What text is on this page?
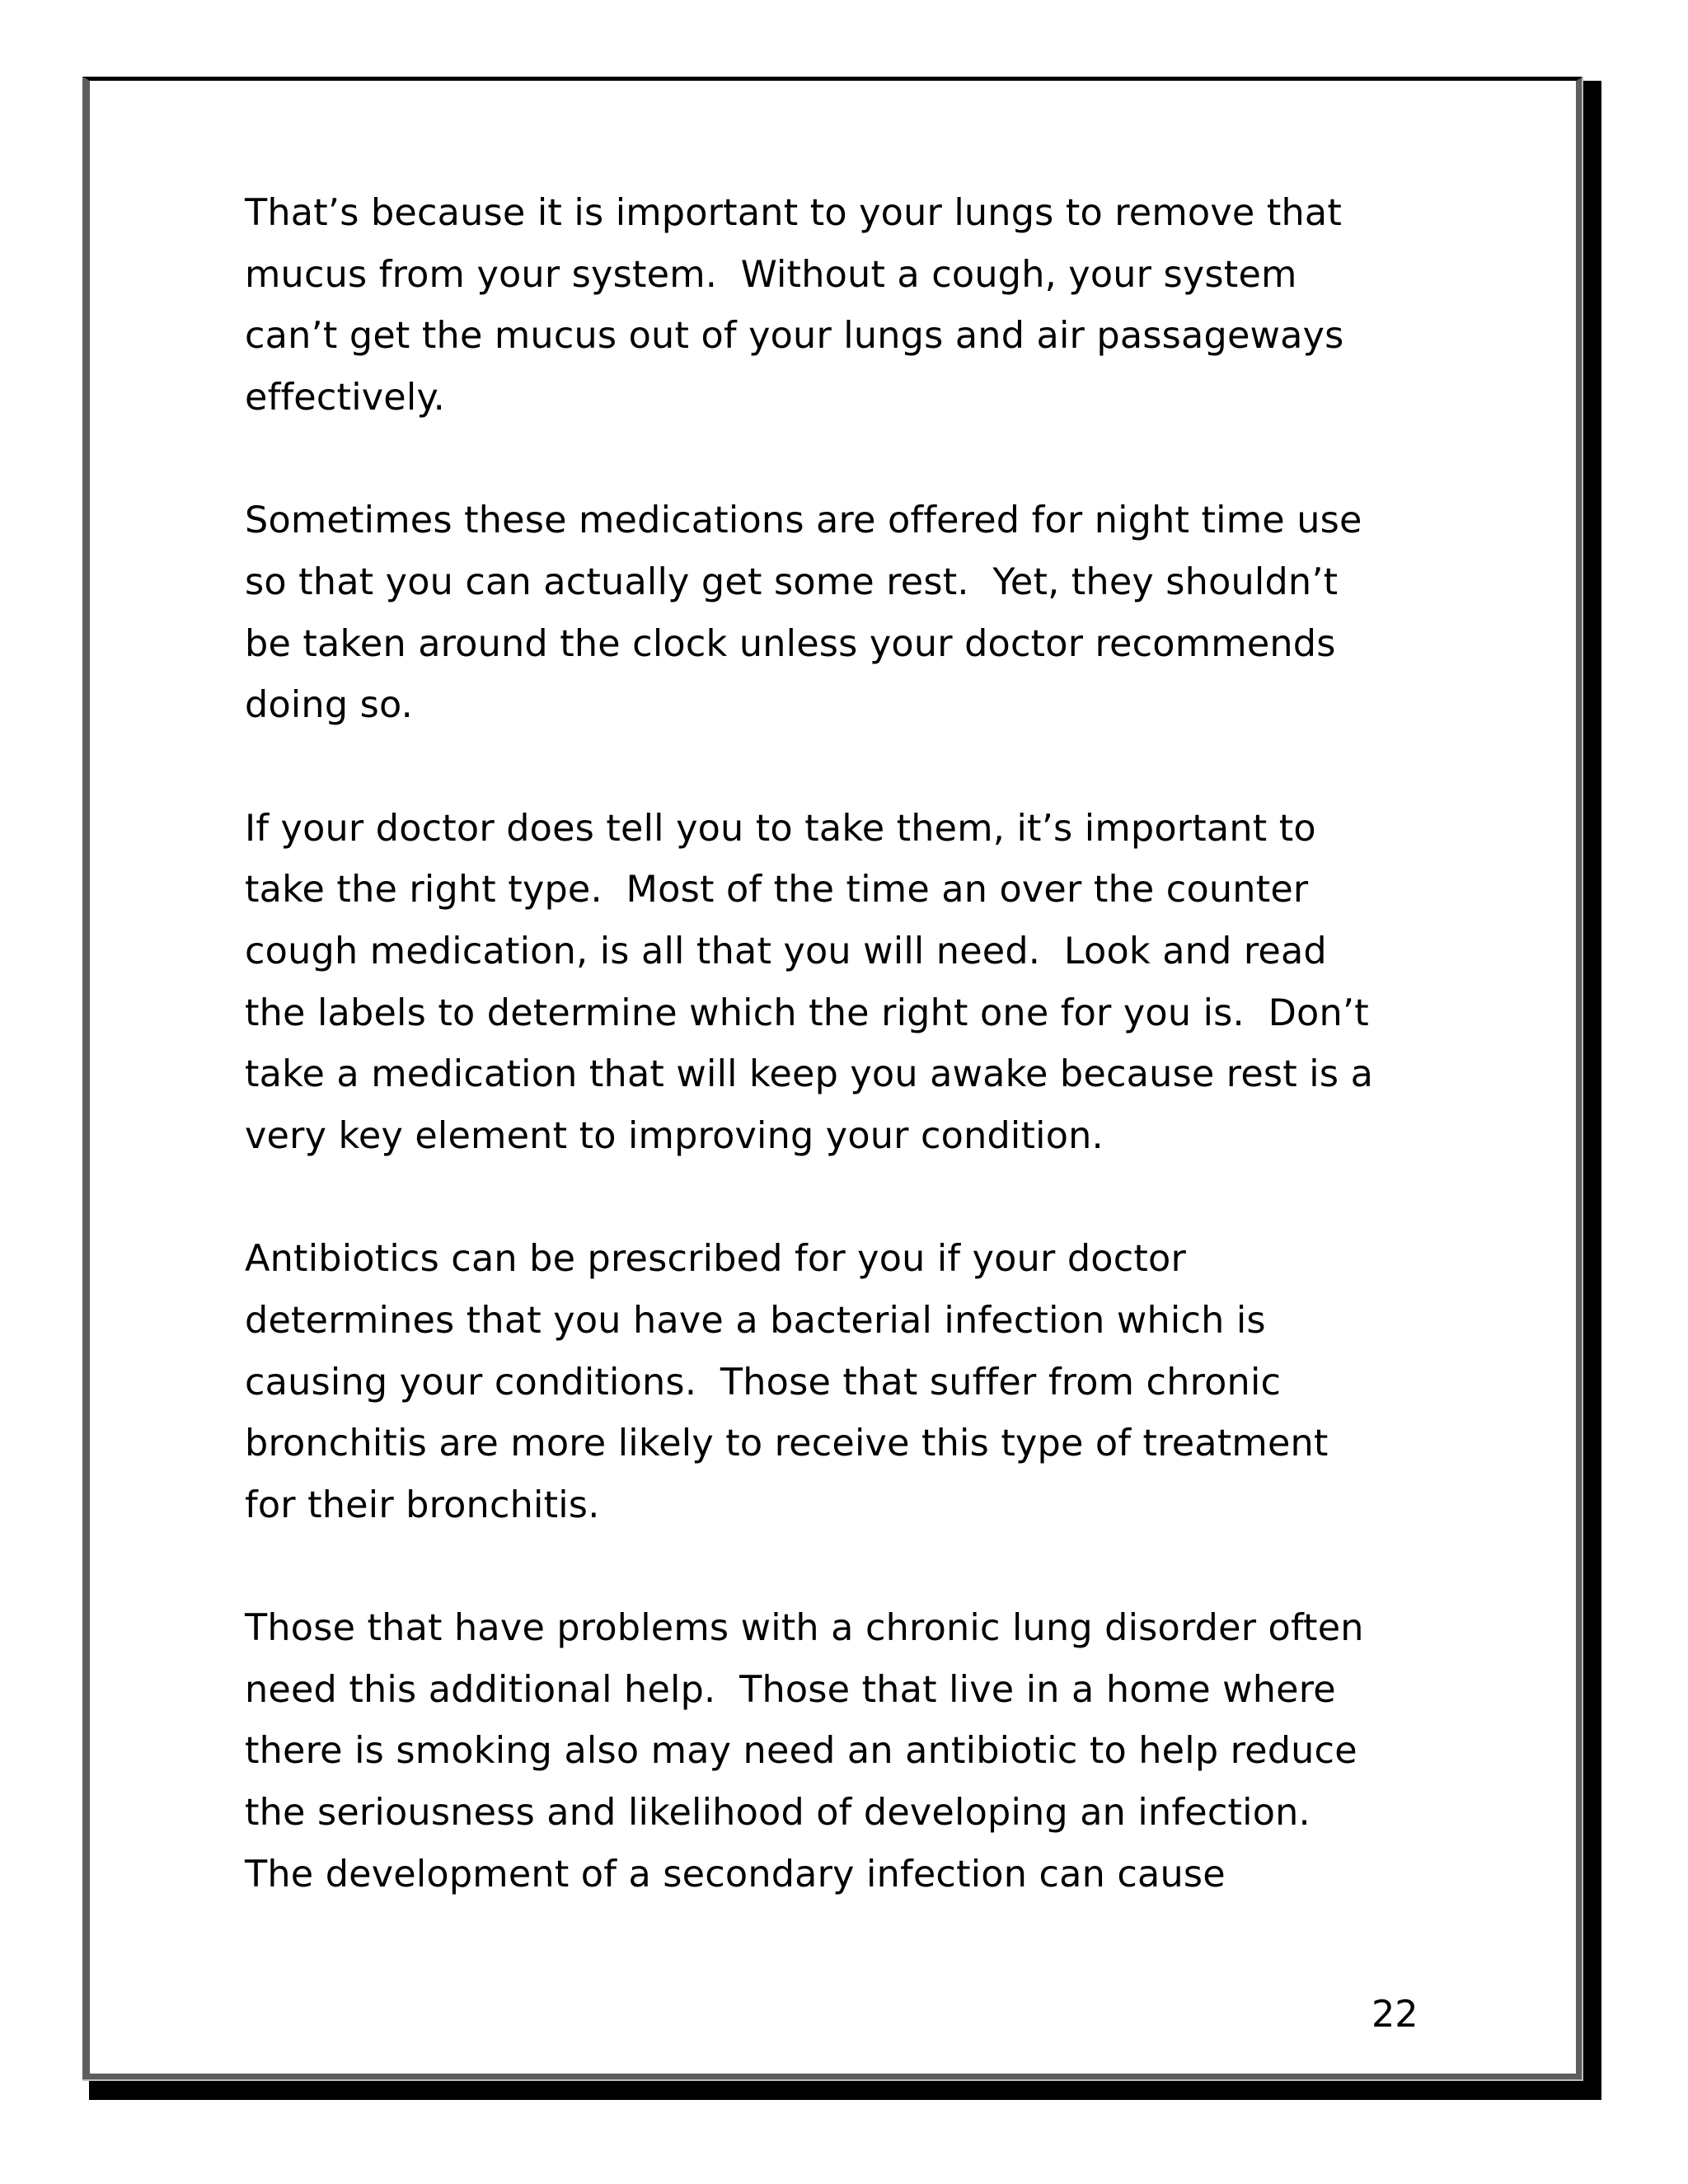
That’s because it is important to your lungs to remove that
mucus from your system.  Without a cough, your system
can’t get the mucus out of your lungs and air passageways
effectively.

Sometimes these medications are offered for night time use
so that you can actually get some rest.  Yet, they shouldn’t
be taken around the clock unless your doctor recommends
doing so.

If your doctor does tell you to take them, it’s important to
take the right type.  Most of the time an over the counter
cough medication, is all that you will need.  Look and read
the labels to determine which the right one for you is.  Don’t
take a medication that will keep you awake because rest is a
very key element to improving your condition.

Antibiotics can be prescribed for you if your doctor
determines that you have a bacterial infection which is
causing your conditions.  Those that suffer from chronic
bronchitis are more likely to receive this type of treatment
for their bronchitis.

Those that have problems with a chronic lung disorder often
need this additional help.  Those that live in a home where
there is smoking also may need an antibiotic to help reduce
the seriousness and likelihood of developing an infection.
The development of a secondary infection can cause

22
